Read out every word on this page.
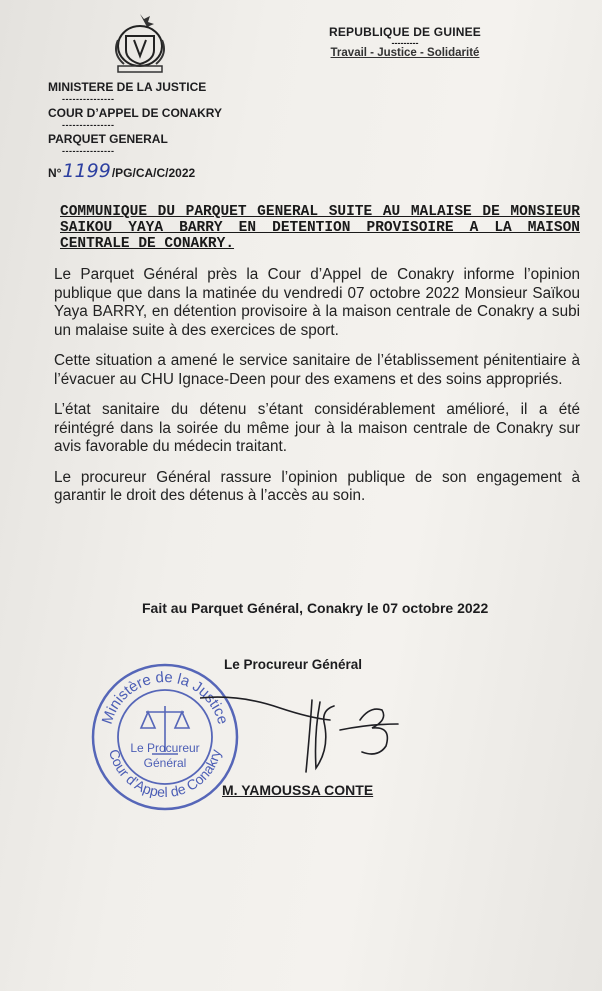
REPUBLIQUE DE GUINEE
---------
Travail - Justice - Solidarité
MINISTERE DE LA JUSTICE
---------------
COUR D’APPEL DE CONAKRY
---------------
PARQUET GENERAL
---------------
N° 1199 /PG/CA/C/2022
COMMUNIQUE DU PARQUET GENERAL SUITE AU MALAISE DE MONSIEUR SAIKOU YAYA BARRY EN DETENTION PROVISOIRE A LA MAISON CENTRALE DE CONAKRY.

Le Parquet Général près la Cour d’Appel de Conakry informe l’opinion publique que dans la matinée du vendredi 07 octobre 2022 Monsieur Saïkou Yaya BARRY, en détention provisoire à la maison centrale de Conakry a subi un malaise suite à des exercices de sport.

Cette situation a amené le service sanitaire de l’établissement pénitentiaire à l’évacuer au CHU Ignace-Deen pour des examens et des soins appropriés.

L’état sanitaire du détenu s’étant considérablement amélioré, il a été réintégré dans la soirée du même jour à la maison centrale de Conakry sur avis favorable du médecin traitant.

Le procureur Général rassure l’opinion publique de son engagement à garantir le droit des détenus à l’accès au soin.

Fait au Parquet Général, Conakry le 07 octobre 2022
Le Procureur Général
Ministère de la Justice
Cour d’Appel de Conakry
Le Procureur
Général
M. YAMOUSSA CONTE
